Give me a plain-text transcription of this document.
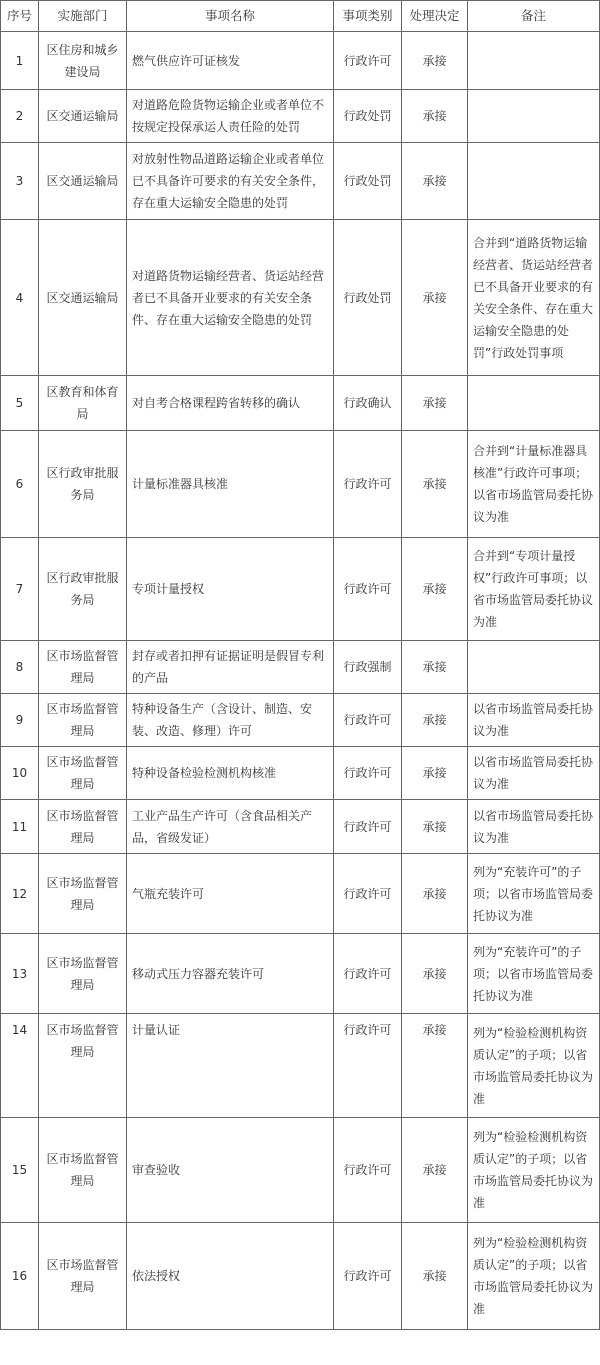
序号	实施部门	事项名称	事项类别	处理决定	备注
1	区住房和城乡建设局	燃气供应许可证核发	行政许可	承接	
2	区交通运输局	对道路危险货物运输企业或者单位不按规定投保承运人责任险的处罚	行政处罚	承接	
3	区交通运输局	对放射性物品道路运输企业或者单位已不具备许可要求的有关安全条件，存在重大运输安全隐患的处罚	行政处罚	承接	
4	区交通运输局	对道路货物运输经营者、货运站经营者已不具备开业要求的有关安全条件、存在重大运输安全隐患的处罚	行政处罚	承接	合并到“道路货物运输经营者、货运站经营者已不具备开业要求的有关安全条件、存在重大运输安全隐患的处罚”行政处罚事项
5	区教育和体育局	对自考合格课程跨省转移的确认	行政确认	承接	
6	区行政审批服务局	计量标准器具核准	行政许可	承接	合并到“计量标准器具核准”行政许可事项；以省市场监管局委托协议为准
7	区行政审批服务局	专项计量授权	行政许可	承接	合并到“专项计量授权”行政许可事项；以省市场监管局委托协议为准
8	区市场监督管理局	封存或者扣押有证据证明是假冒专利的产品	行政强制	承接	
9	区市场监督管理局	特种设备生产（含设计、制造、安装、改造、修理）许可	行政许可	承接	以省市场监管局委托协议为准
10	区市场监督管理局	特种设备检验检测机构核准	行政许可	承接	以省市场监管局委托协议为准
11	区市场监督管理局	工业产品生产许可（含食品相关产品，省级发证）	行政许可	承接	以省市场监管局委托协议为准
12	区市场监督管理局	气瓶充装许可	行政许可	承接	列为“充装许可”的子项；以省市场监管局委托协议为准
13	区市场监督管理局	移动式压力容器充装许可	行政许可	承接	列为“充装许可”的子项；以省市场监管局委托协议为准
14	区市场监督管理局	计量认证	行政许可	承接	列为“检验检测机构资质认定”的子项；以省市场监管局委托协议为准
15	区市场监督管理局	审查验收	行政许可	承接	列为“检验检测机构资质认定”的子项；以省市场监管局委托协议为准
16	区市场监督管理局	依法授权	行政许可	承接	列为“检验检测机构资质认定”的子项；以省市场监管局委托协议为准
